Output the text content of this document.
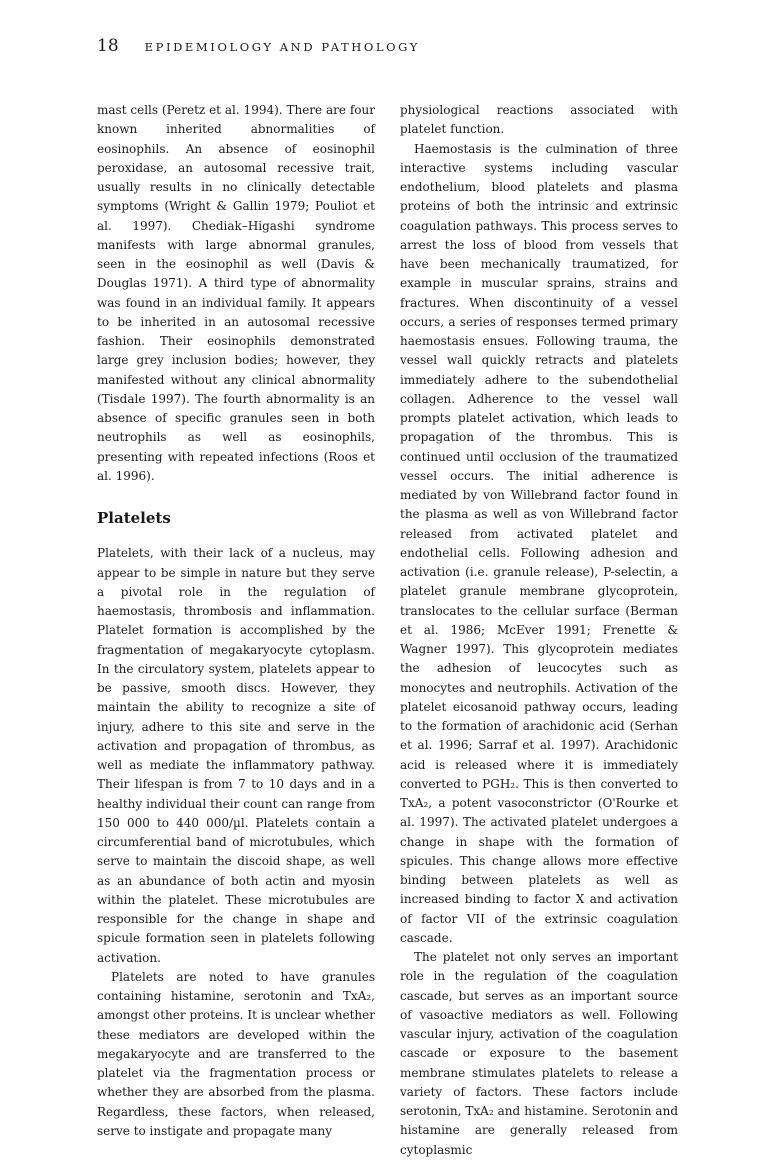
18 EPIDEMIOLOGY AND PATHOLOGY

mast cells (Peretz et al. 1994). There are four known inherited abnormalities of eosinophils. An absence of eosinophil peroxidase, an autosomal recessive trait, usually results in no clinically detectable symptoms (Wright & Gallin 1979; Pouliot et al. 1997). Chediak–Higashi syndrome manifests with large abnormal granules, seen in the eosinophil as well (Davis & Douglas 1971). A third type of abnormality was found in an individual family. It appears to be inherited in an autosomal recessive fashion. Their eosinophils demonstrated large grey inclusion bodies; however, they manifested without any clinical abnormality (Tisdale 1997). The fourth abnormality is an absence of specific granules seen in both neutrophils as well as eosinophils, presenting with repeated infections (Roos et al. 1996).

Platelets

Platelets, with their lack of a nucleus, may appear to be simple in nature but they serve a pivotal role in the regulation of haemostasis, thrombosis and inflammation. Platelet formation is accomplished by the fragmentation of megakaryocyte cytoplasm. In the circulatory system, platelets appear to be passive, smooth discs. However, they maintain the ability to recognize a site of injury, adhere to this site and serve in the activation and propagation of thrombus, as well as mediate the inflammatory pathway. Their lifespan is from 7 to 10 days and in a healthy individual their count can range from 150 000 to 440 000/µl. Platelets contain a circumferential band of microtubules, which serve to maintain the discoid shape, as well as an abundance of both actin and myosin within the platelet. These microtubules are responsible for the change in shape and spicule formation seen in platelets following activation.

Platelets are noted to have granules containing histamine, serotonin and TxA₂, amongst other proteins. It is unclear whether these mediators are developed within the megakaryocyte and are transferred to the platelet via the fragmentation process or whether they are absorbed from the plasma. Regardless, these factors, when released, serve to instigate and propagate many

physiological reactions associated with platelet function.

Haemostasis is the culmination of three interactive systems including vascular endothelium, blood platelets and plasma proteins of both the intrinsic and extrinsic coagulation pathways. This process serves to arrest the loss of blood from vessels that have been mechanically traumatized, for example in muscular sprains, strains and fractures. When discontinuity of a vessel occurs, a series of responses termed primary haemostasis ensues. Following trauma, the vessel wall quickly retracts and platelets immediately adhere to the subendothelial collagen. Adherence to the vessel wall prompts platelet activation, which leads to propagation of the thrombus. This is continued until occlusion of the traumatized vessel occurs. The initial adherence is mediated by von Willebrand factor found in the plasma as well as von Willebrand factor released from activated platelet and endothelial cells. Following adhesion and activation (i.e. granule release), P-selectin, a platelet granule membrane glycoprotein, translocates to the cellular surface (Berman et al. 1986; McEver 1991; Frenette & Wagner 1997). This glycoprotein mediates the adhesion of leucocytes such as monocytes and neutrophils. Activation of the platelet eicosanoid pathway occurs, leading to the formation of arachidonic acid (Serhan et al. 1996; Sarraf et al. 1997). Arachidonic acid is released where it is immediately converted to PGH₂. This is then converted to TxA₂, a potent vasoconstrictor (O'Rourke et al. 1997). The activated platelet undergoes a change in shape with the formation of spicules. This change allows more effective binding between platelets as well as increased binding to factor X and activation of factor VII of the extrinsic coagulation cascade.

The platelet not only serves an important role in the regulation of the coagulation cascade, but serves as an important source of vasoactive mediators as well. Following vascular injury, activation of the coagulation cascade or exposure to the basement membrane stimulates platelets to release a variety of factors. These factors include serotonin, TxA₂ and histamine. Serotonin and histamine are generally released from cytoplasmic
